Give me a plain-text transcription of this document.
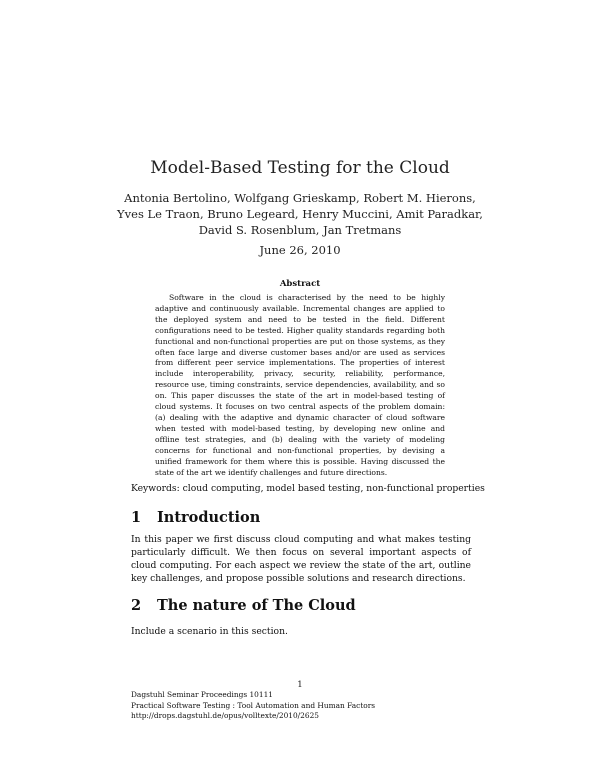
Model-Based Testing for the Cloud
Antonia Bertolino, Wolfgang Grieskamp, Robert M. Hierons,
Yves Le Traon, Bruno Legeard, Henry Muccini, Amit Paradkar,
David S. Rosenblum, Jan Tretmans
June 26, 2010
Abstract
Software in the cloud is characterised by the need to be highly adaptive and continuously available. Incremental changes are applied to the deployed system and need to be tested in the field. Different configurations need to be tested. Higher quality standards regarding both functional and non-functional properties are put on those systems, as they often face large and diverse customer bases and/or are used as services from different peer service implementations. The properties of interest include interoperability, privacy, security, reliability, performance, resource use, timing constraints, service dependencies, availability, and so on. This paper discusses the state of the art in model-based testing of cloud systems. It focuses on two central aspects of the problem domain: (a) dealing with the adaptive and dynamic character of cloud software when tested with model-based testing, by developing new online and offline test strategies, and (b) dealing with the variety of modeling concerns for functional and non-functional properties, by devising a unified framework for them where this is possible. Having discussed the state of the art we identify challenges and future directions.
Keywords: cloud computing, model based testing, non-functional properties
1 Introduction
In this paper we first discuss cloud computing and what makes testing particularly difficult. We then focus on several important aspects of cloud computing. For each aspect we review the state of the art, outline key challenges, and propose possible solutions and research directions.
2 The nature of The Cloud
Include a scenario in this section.
1
Dagstuhl Seminar Proceedings 10111
Practical Software Testing : Tool Automation and Human Factors
http://drops.dagstuhl.de/opus/volltexte/2010/2625
